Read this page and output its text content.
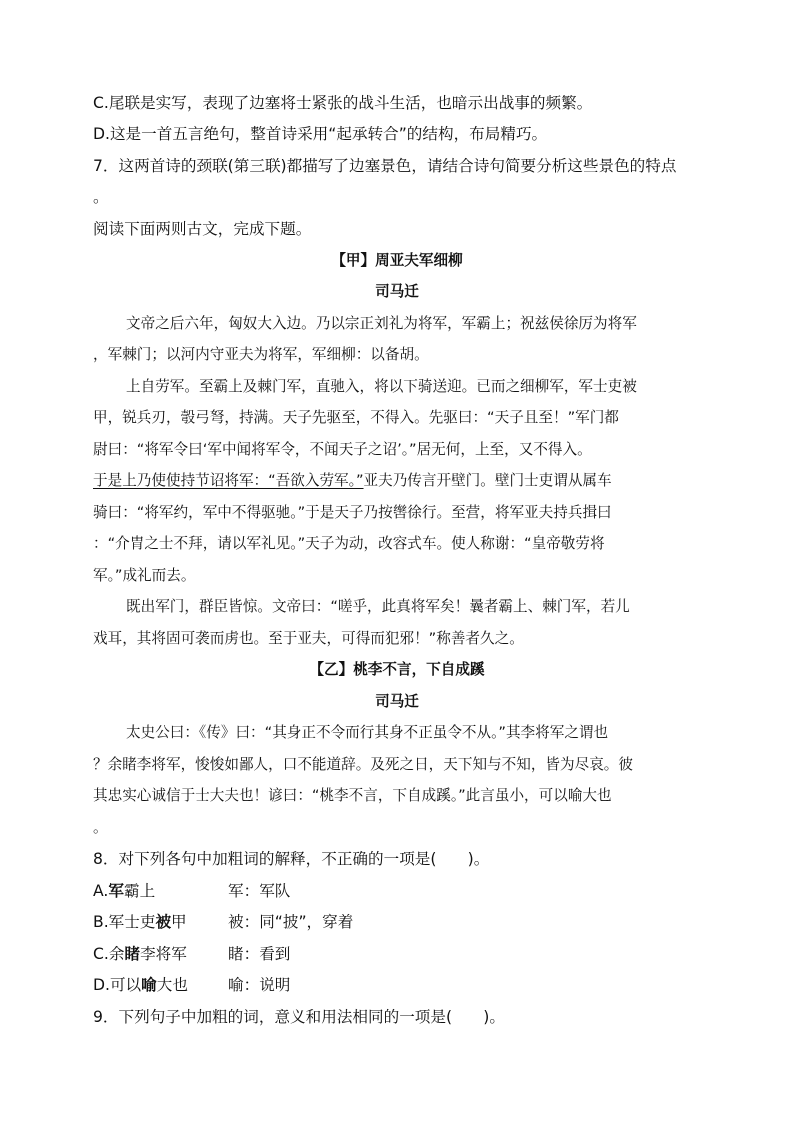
C.尾联是实写，表现了边塞将士紧张的战斗生活，也暗示出战事的频繁。
D.这是一首五言绝句，整首诗采用“起承转合”的结构，布局精巧。
7．这两首诗的颈联(第三联)都描写了边塞景色，请结合诗句简要分析这些景色的特点
。
阅读下面两则古文，完成下题。
【甲】周亚夫军细柳
司马迁
文帝之后六年，匈奴大入边。乃以宗正刘礼为将军，军霸上；祝兹侯徐厉为将军
，军棘门；以河内守亚夫为将军，军细柳：以备胡。
上自劳军。至霸上及棘门军，直驰入，将以下骑送迎。已而之细柳军，军士吏被
甲，锐兵刃，彀弓弩，持满。天子先驱至，不得入。先驱曰：“天子且至！”军门都
尉曰：“将军令曰‘军中闻将军令，不闻天子之诏’。”居无何，上至，又不得入。
于是上乃使使持节诏将军：“吾欲入劳军。”亚夫乃传言开壁门。壁门士吏谓从属车
骑曰：“将军约，军中不得驱驰。”于是天子乃按辔徐行。至营，将军亚夫持兵揖曰
：“介胄之士不拜，请以军礼见。”天子为动，改容式车。使人称谢：“皇帝敬劳将
军。”成礼而去。
既出军门，群臣皆惊。文帝曰：“嗟乎，此真将军矣！曩者霸上、棘门军，若儿
戏耳，其将固可袭而虏也。至于亚夫，可得而犯邪！”称善者久之。
【乙】桃李不言，下自成蹊
司马迁
太史公曰：《传》曰：“其身正不令而行其身不正虽令不从。”其李将军之谓也
？余睹李将军，悛悛如鄙人，口不能道辞。及死之日，天下知与不知，皆为尽哀。彼
其忠实心诚信于士大夫也！谚曰：“桃李不言，下自成蹊。”此言虽小，可以喻大也
。
8．对下列各句中加粗词的解释，不正确的一项是(　　)。
A.军霸上	军：军队
B.军士吏被甲	被：同“披”，穿着
C.余睹李将军	睹：看到
D.可以喻大也	喻：说明
9．下列句子中加粗的词，意义和用法相同的一项是(　　)。
